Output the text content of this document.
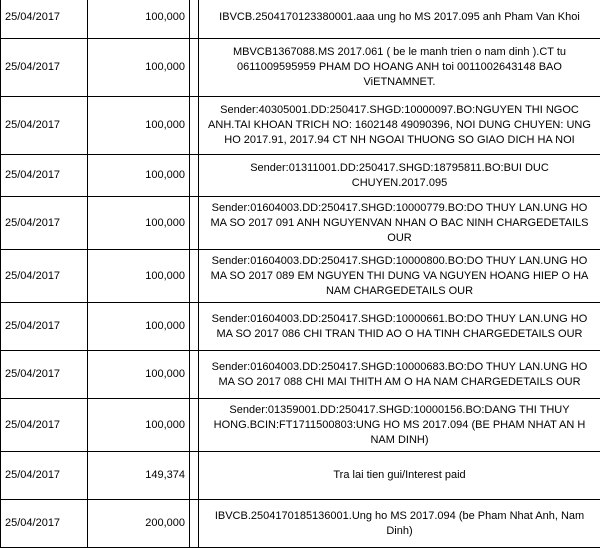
25/04/2017	100,000		IBVCB.2504170123380001.aaa ung ho MS 2017.095 anh Pham Van Khoi
25/04/2017	100,000		MBVCB1367088.MS 2017.061 ( be le manh trien o nam dinh ).CT tu 0611009595959 PHAM DO HOANG ANH toi 0011002643148 BAO ViETNAMNET.
25/04/2017	100,000		Sender:40305001.DD:250417.SHGD:10000097.BO:NGUYEN THI NGOC ANH.TAI KHOAN TRICH NO: 1602148 49090396, NOI DUNG CHUYEN: UNG HO 2017.91, 2017.94 CT NH NGOAI THUONG SO GIAO DICH HA NOI
25/04/2017	100,000		Sender:01311001.DD:250417.SHGD:18795811.BO:BUI DUC CHUYEN.2017.095
25/04/2017	100,000		Sender:01604003.DD:250417.SHGD:10000779.BO:DO THUY LAN.UNG HO MA SO 2017 091 ANH NGUYENVAN NHAN O BAC NINH CHARGEDETAILS OUR
25/04/2017	100,000		Sender:01604003.DD:250417.SHGD:10000800.BO:DO THUY LAN.UNG HO MA SO 2017 089 EM NGUYEN THI DUNG VA NGUYEN HOANG HIEP O HA NAM CHARGEDETAILS OUR
25/04/2017	100,000		Sender:01604003.DD:250417.SHGD:10000661.BO:DO THUY LAN.UNG HO MA SO 2017 086 CHI TRAN THID AO O HA TINH CHARGEDETAILS OUR
25/04/2017	100,000		Sender:01604003.DD:250417.SHGD:10000683.BO:DO THUY LAN.UNG HO MA SO 2017 088 CHI MAI THITH AM O HA NAM CHARGEDETAILS OUR
25/04/2017	100,000		Sender:01359001.DD:250417.SHGD:10000156.BO:DANG THI THUY HONG.BCIN:FT1711500803:UNG HO MS 2017.094 (BE PHAM NHAT AN H NAM DINH)
25/04/2017	149,374		Tra lai tien gui/Interest paid
25/04/2017	200,000		IBVCB.2504170185136001.Ung ho MS 2017.094 (be Pham Nhat Anh, Nam Dinh)
